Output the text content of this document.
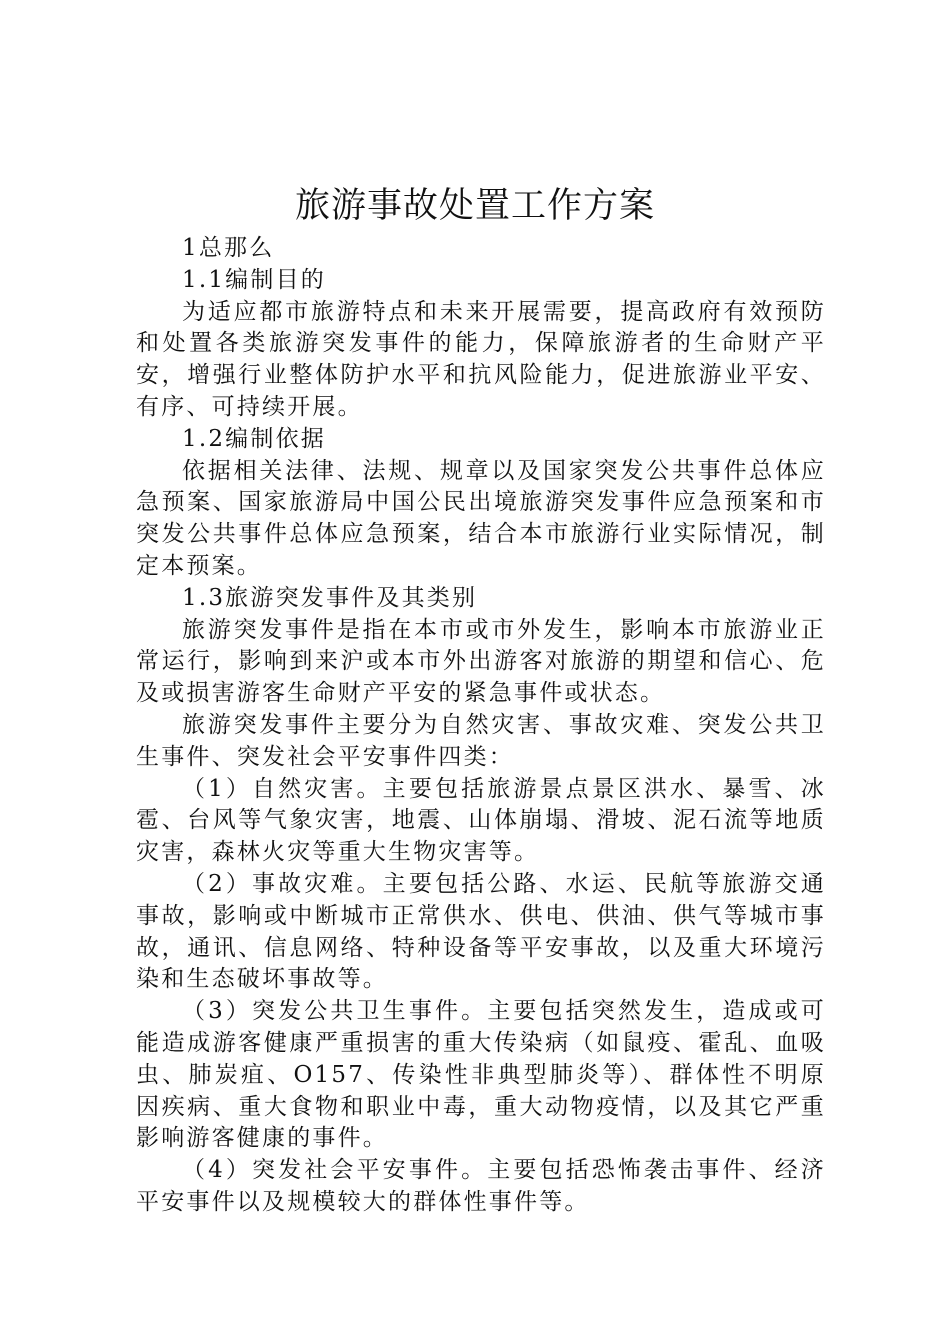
旅游事故处置工作方案

1总那么

1.1编制目的

为适应都市旅游特点和未来开展需要，提高政府有效预防和处置各类旅游突发事件的能力，保障旅游者的生命财产平安，增强行业整体防护水平和抗风险能力，促进旅游业平安、有序、可持续开展。

1.2编制依据

依据相关法律、法规、规章以及国家突发公共事件总体应急预案、国家旅游局中国公民出境旅游突发事件应急预案和市突发公共事件总体应急预案，结合本市旅游行业实际情况，制定本预案。

1.3旅游突发事件及其类别

旅游突发事件是指在本市或市外发生，影响本市旅游业正常运行，影响到来沪或本市外出游客对旅游的期望和信心、危及或损害游客生命财产平安的紧急事件或状态。

旅游突发事件主要分为自然灾害、事故灾难、突发公共卫生事件、突发社会平安事件四类：

（1）自然灾害。主要包括旅游景点景区洪水、暴雪、冰雹、台风等气象灾害，地震、山体崩塌、滑坡、泥石流等地质灾害，森林火灾等重大生物灾害等。

（2）事故灾难。主要包括公路、水运、民航等旅游交通事故，影响或中断城市正常供水、供电、供油、供气等城市事故，通讯、信息网络、特种设备等平安事故，以及重大环境污染和生态破坏事故等。

（3）突发公共卫生事件。主要包括突然发生，造成或可能造成游客健康严重损害的重大传染病（如鼠疫、霍乱、血吸虫、肺炭疽、O157、传染性非典型肺炎等）、群体性不明原因疾病、重大食物和职业中毒，重大动物疫情，以及其它严重影响游客健康的事件。

（4）突发社会平安事件。主要包括恐怖袭击事件、经济平安事件以及规模较大的群体性事件等。
